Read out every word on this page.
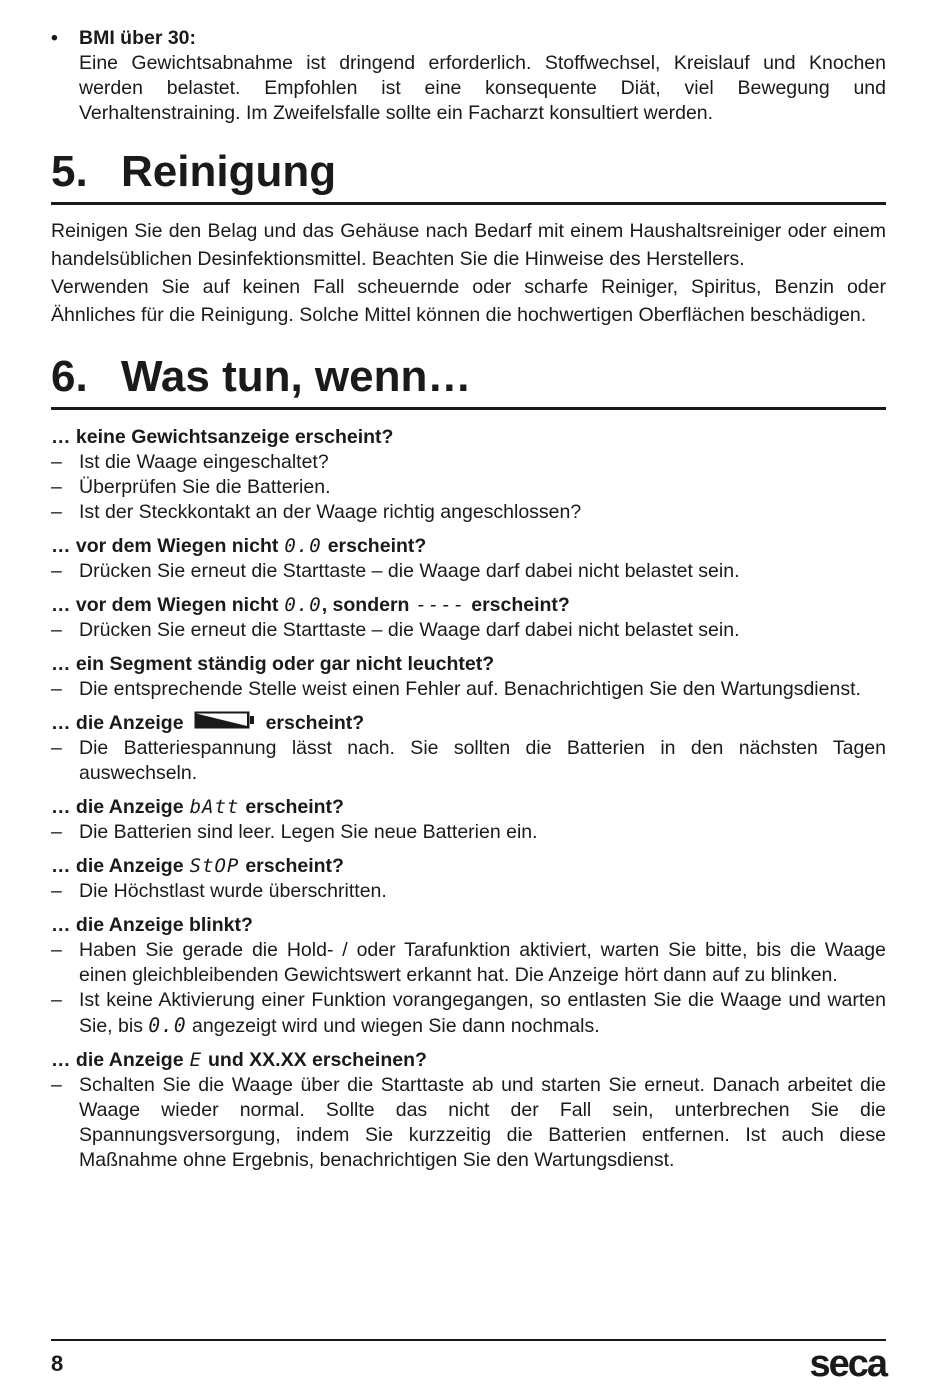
•	BMI über 30:
Eine Gewichtsabnahme ist dringend erforderlich. Stoffwechsel, Kreislauf und Knochen werden belastet. Empfohlen ist eine konsequente Diät, viel Bewegung und Verhaltenstraining. Im Zweifelsfalle sollte ein Facharzt konsultiert werden.
5. Reinigung

Reinigen Sie den Belag und das Gehäuse nach Bedarf mit einem Haushaltsreiniger oder einem handelsüblichen Desinfektionsmittel. Beachten Sie die Hinweise des Herstellers.

Verwenden Sie auf keinen Fall scheuernde oder scharfe Reiniger, Spiritus, Benzin oder Ähnliches für die Reinigung. Solche Mittel können die hochwertigen Oberflächen beschädigen.

6. Was tun, wenn…
… keine Gewichtsanzeige erscheint?
– Ist die Waage eingeschaltet?
– Überprüfen Sie die Batterien.
– Ist der Steckkontakt an der Waage richtig angeschlossen?
… vor dem Wiegen nicht 0.0 erscheint?
– Drücken Sie erneut die Starttaste – die Waage darf dabei nicht belastet sein.
… vor dem Wiegen nicht 0.0 , sondern ---- erscheint?
– Drücken Sie erneut die Starttaste – die Waage darf dabei nicht belastet sein.
… ein Segment ständig oder gar nicht leuchtet?
– Die entsprechende Stelle weist einen Fehler auf. Benachrichtigen Sie den Wartungsdienst.
… die Anzeige	erscheint?
– Die Batteriespannung lässt nach. Sie sollten die Batterien in den nächsten Tagen auswechseln.
… die Anzeige bAtt erscheint?
– Die Batterien sind leer. Legen Sie neue Batterien ein.
… die Anzeige StOP erscheint?
– Die Höchstlast wurde überschritten.
… die Anzeige blinkt?
– Haben Sie gerade die Hold- / oder Tarafunktion aktiviert, warten Sie bitte, bis die Waage einen gleichbleibenden Gewichtswert erkannt hat. Die Anzeige hört dann auf zu blinken.
– Ist keine Aktivierung einer Funktion vorangegangen, so entlasten Sie die Waage und warten Sie, bis 0.0 angezeigt wird und wiegen Sie dann nochmals.
… die Anzeige E und XX.XX erscheinen?
– Schalten Sie die Waage über die Starttaste ab und starten Sie erneut. Danach arbeitet die Waage wieder normal. Sollte das nicht der Fall sein, unterbrechen Sie die Spannungsversorgung, indem Sie kurzzeitig die Batterien entfernen. Ist auch diese Maßnahme ohne Ergebnis, benachrichtigen Sie den Wartungsdienst.
8	seca
